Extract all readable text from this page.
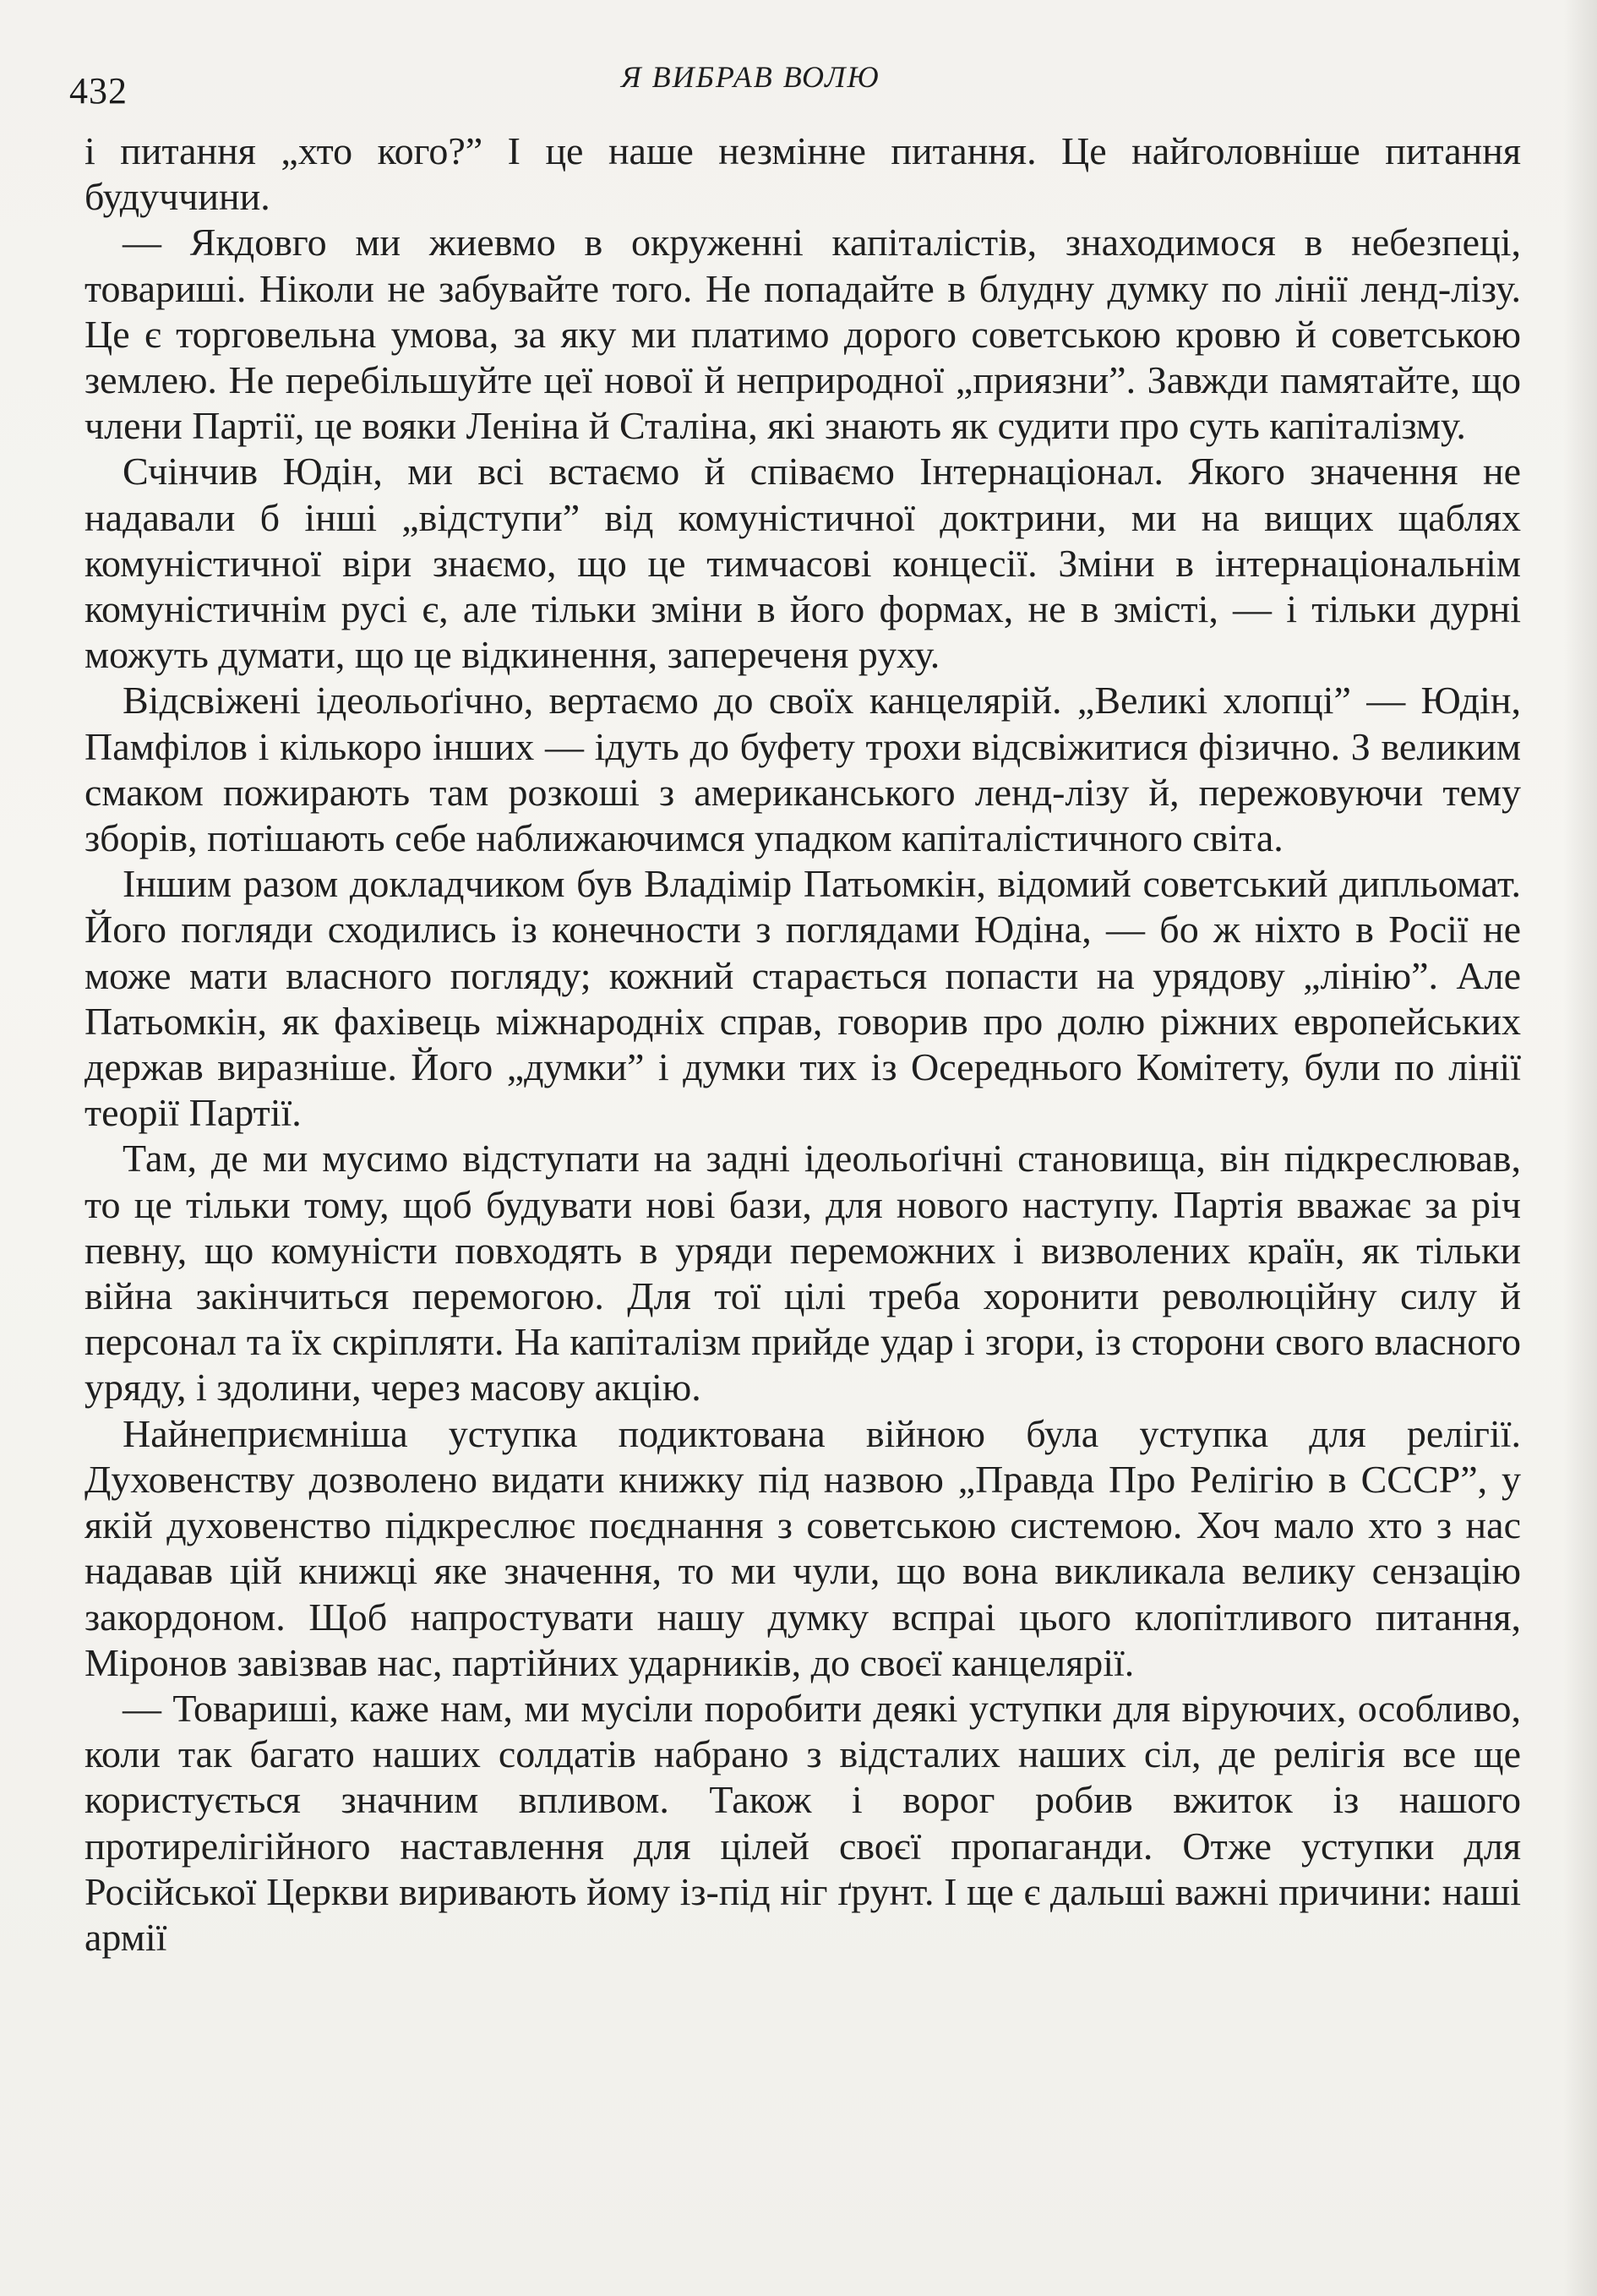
432	Я ВИБРАВ ВОЛЮ

і питання „хто кого?” І це наше незмінне питання. Це найголовніше питання будуччини.

— Якдовго ми жиевмо в окруженні капіталістів, знаходимося в небезпеці, товариші. Ніколи не забувайте того. Не попадайте в блудну думку по лінії ленд-лізу. Це є торговельна умова, за яку ми платимо дорого советською кровю й советською землею. Не перебільшуйте цеї нової й неприродної „приязни”. Завжди памятайте, що члени Партії, це вояки Леніна й Сталіна, які знають як судити про суть капіталізму.

Счінчив Юдін, ми всі встаємо й співаємо Інтернаціонал. Якого значення не надавали б інші „відступи” від комуністичної доктрини, ми на вищих щаблях комуністичної віри знаємо, що це тимчасові концесії. Зміни в інтернаціональнім комуністичнім русі є, але тільки зміни в його формах, не в змісті, — і тільки дурні можуть думати, що це відкинення, запереченя руху.

Відсвіжені ідеольоґічно, вертаємо до своїх канцелярій. „Великі хлопці” — Юдін, Памфілов і кількоро інших — ідуть до буфету трохи відсвіжитися фізично. З великим смаком пожирають там розкоші з американського ленд-лізу й, пережовуючи тему зборів, потішають себе наближаючимся упадком капіталістичного світа.

Іншим разом докладчиком був Владімір Патьомкін, відомий советський дипльомат. Його погляди сходились із конечности з поглядами Юдіна, — бо ж ніхто в Росії не може мати власного погляду; кожний старається попасти на урядову „лінію”. Але Патьомкін, як фахівець міжнародніх справ, говорив про долю ріжних европейських держав виразніше. Його „думки” і думки тих із Осереднього Комітету, були по лінії теорії Партії.

Там, де ми мусимо відступати на задні ідеольоґічні становища, він підкреслював, то це тільки тому, щоб будувати нові бази, для нового наступу. Партія вважає за річ певну, що комуністи повходять в уряди переможних і визволених країн, як тільки війна закінчиться перемогою. Для тої цілі треба хоронити революційну силу й персонал та їх скріпляти. На капіталізм прийде удар і згори, із сторони свого власного уряду, і здолини, через масову акцію.

Найнеприємніша уступка подиктована війною була уступка для релігії. Духовенству дозволено видати книжку під назвою „Правда Про Релігію в СССР”, у якій духовенство підкреслює поєднання з советською системою. Хоч мало хто з нас надавав цій книжці яке значення, то ми чули, що вона викликала велику сензацію закордоном. Щоб напростувати нашу думку вспраі цього клопітливого питання, Міронов завізвав нас, партійних ударників, до своєї канцелярії.

— Товариші, каже нам, ми мусіли поробити деякі уступки для віруючих, особливо, коли так багато наших солдатів набрано з відсталих наших сіл, де релігія все ще користується значним впливом. Також і ворог робив вжиток із нашого протирелігійного наставлення для цілей своєї пропаганди. Отже уступки для Російської Церкви виривають йому із-під ніг ґрунт. І ще є дальші важні причини: наші армії
